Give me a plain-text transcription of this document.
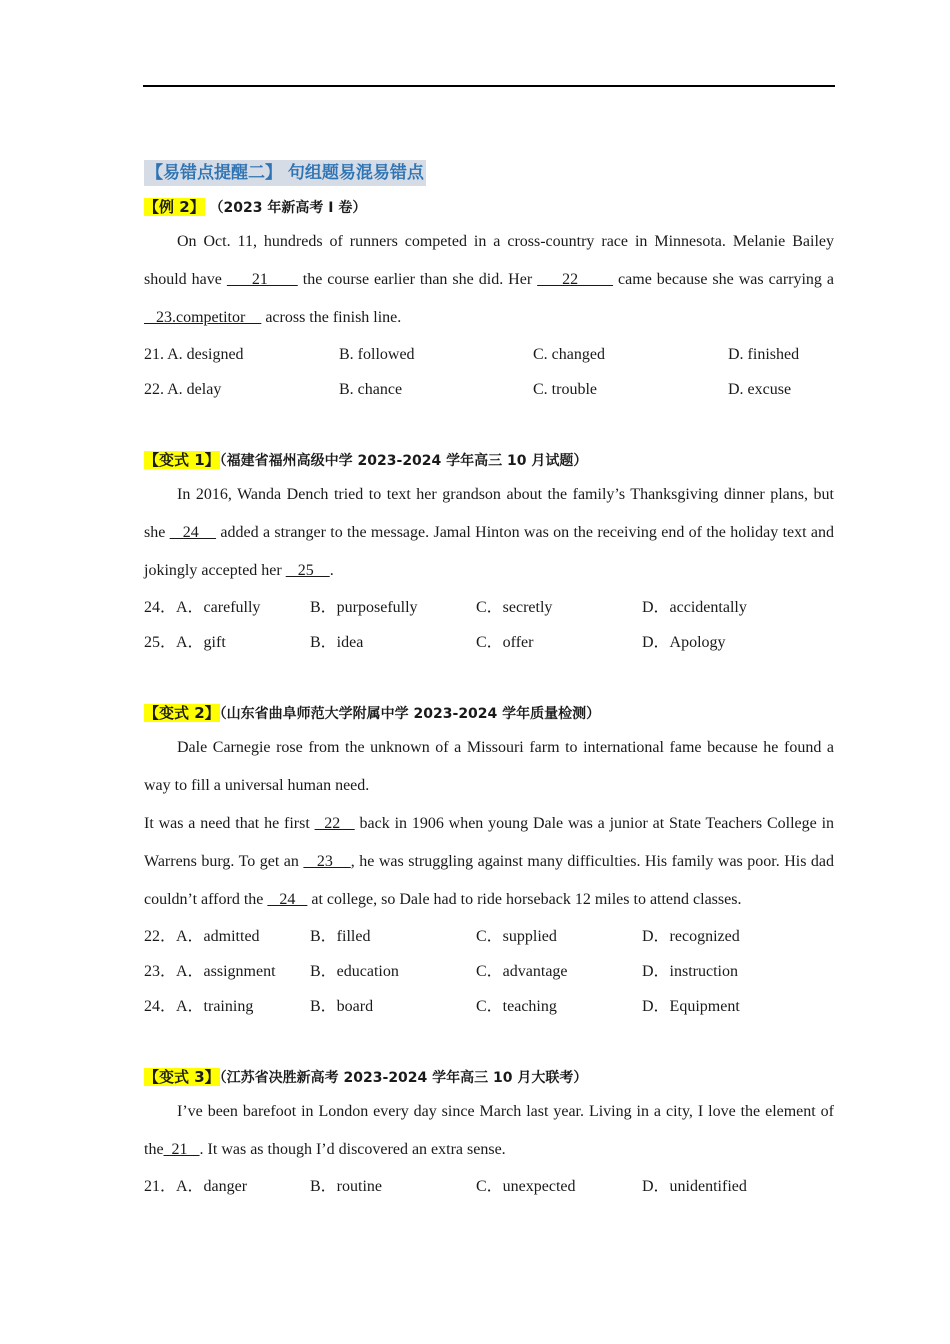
【易错点提醒二】 句组题易混易错点
【例 2】 （2023 年新高考 I 卷）

On Oct. 11, hundreds of runners competed in a cross-country race in Minnesota. Melanie Bailey should have      21       the course earlier than she did. Her      22        came because she was carrying a    23.competitor     across the finish line.

21. A. designed	B. followed	C. changed	D. finished
22. A. delay	B. chance	C. trouble	D. excuse
【变式 1】（福建省福州高级中学 2023-2024 学年高三 10 月试题）

In 2016, Wanda Dench tried to text her grandson about the family’s Thanksgiving dinner plans, but she    24     added a stranger to the message. Jamal Hinton was on the receiving end of the holiday text and jokingly accepted her    25    .

24．A．carefully	B．purposefully	C．secretly	D．accidentally
25．A．gift	B．idea	C．offer	D．Apology
【变式 2】（山东省曲阜师范大学附属中学 2023-2024 学年质量检测）

Dale Carnegie rose from the unknown of a Missouri farm to international fame because he found a way to fill a universal human need.

It was a need that he first   22    back in 1906 when young Dale was a junior at State Teachers College in Warrens burg. To get an    23    , he was struggling against many difficulties. His family was poor. His dad couldn’t afford the    24    at college, so Dale had to ride horseback 12 miles to attend classes.

22．A．admitted	B．filled	C．supplied	D．recognized
23．A．assignment	B．education	C．advantage	D．instruction
24．A．training	B．board	C．teaching	D．Equipment
【变式 3】（江苏省决胜新高考 2023-2024 学年高三 10 月大联考）

I’ve been barefoot in London every day since March last year. Living in a city, I love the element of the  21   . It was as though I’d discovered an extra sense.

21．A．danger	B．routine	C．unexpected	D．unidentified
